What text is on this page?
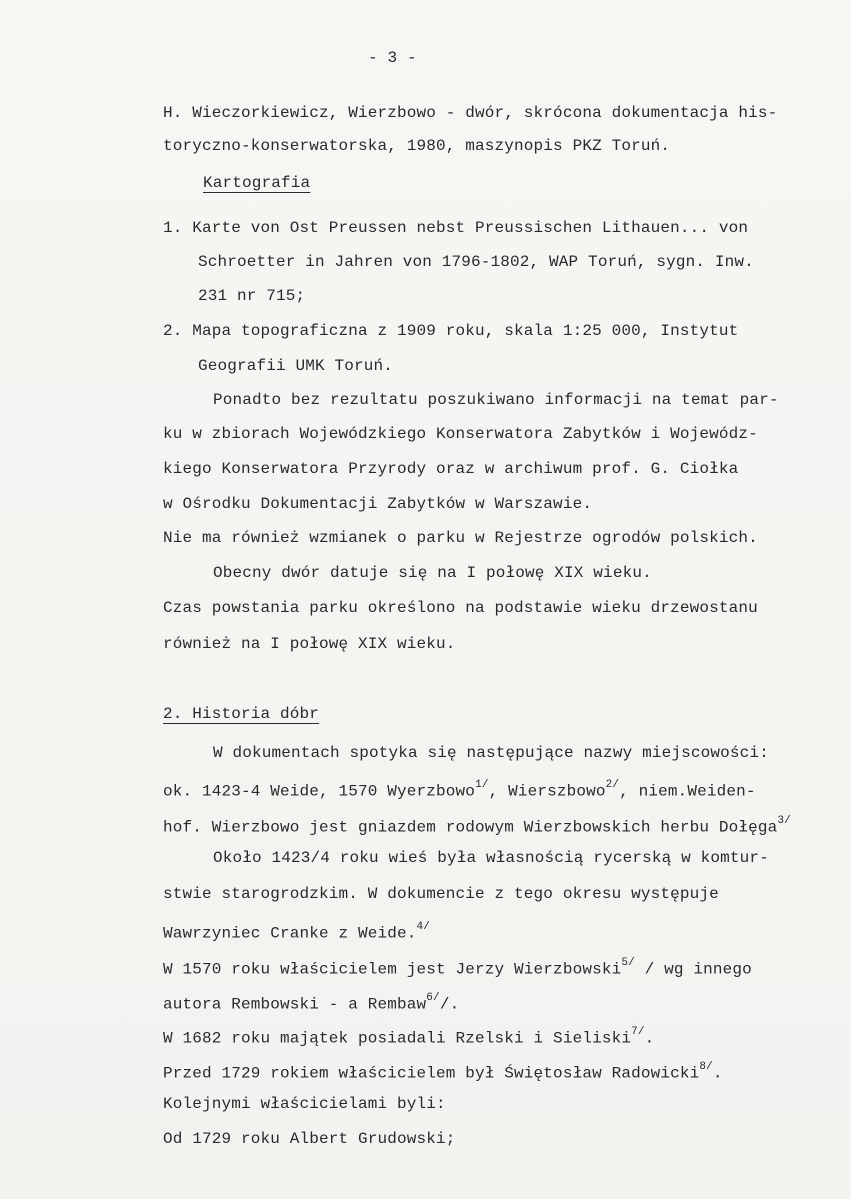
- 3 -
H. Wieczorkiewicz, Wierzbowo - dwór, skrócona dokumentacja his-
toryczno-konserwatorska, 1980, maszynopis PKZ Toruń.
Kartografia
1. Karte von Ost Preussen nebst Preussischen Lithauen... von
Schroetter in Jahren von 1796-1802, WAP Toruń, sygn. Inw.
231 nr 715;
2. Mapa topograficzna z 1909 roku, skala 1:25 000, Instytut
Geografii UMK Toruń.
Ponadto bez rezultatu poszukiwano informacji na temat par-
ku w zbiorach Wojewódzkiego Konserwatora Zabytków i Wojewódz-
kiego Konserwatora Przyrody oraz w archiwum prof. G. Ciołka
w Ośrodku Dokumentacji Zabytków w Warszawie.
Nie ma również wzmianek o parku w Rejestrze ogrodów polskich.
Obecny dwór datuje się na I połowę XIX wieku.
Czas powstania parku określono na podstawie wieku drzewostanu
również na I połowę XIX wieku.
2. Historia dóbr
W dokumentach spotyka się następujące nazwy miejscowości:
ok. 1423-4 Weide, 1570 Wyerzbowo$^{1/}$, Wierszbowo$^{2/}$, niem.Weiden-
hof. Wierzbowo jest gniazdem rodowym Wierzbowskich herbu Dołęga$^{3/}$
Około 1423/4 roku wieś była własnością rycerską w komtur-
stwie starogrodzkim. W dokumencie z tego okresu występuje
Wawrzyniec Cranke z Weide.$^{4/}$
W 1570 roku właścicielem jest Jerzy Wierzbowski$^{5/}$ / wg innego
autora Rembowski - a Rembaw$^{6/}$/.
W 1682 roku majątek posiadali Rzelski i Sieliski$^{7/}$.
Przed 1729 rokiem właścicielem był Świętosław Radowicki$^{8/}$.
Kolejnymi właścicielami byli:
Od 1729 roku Albert Grudowski;
